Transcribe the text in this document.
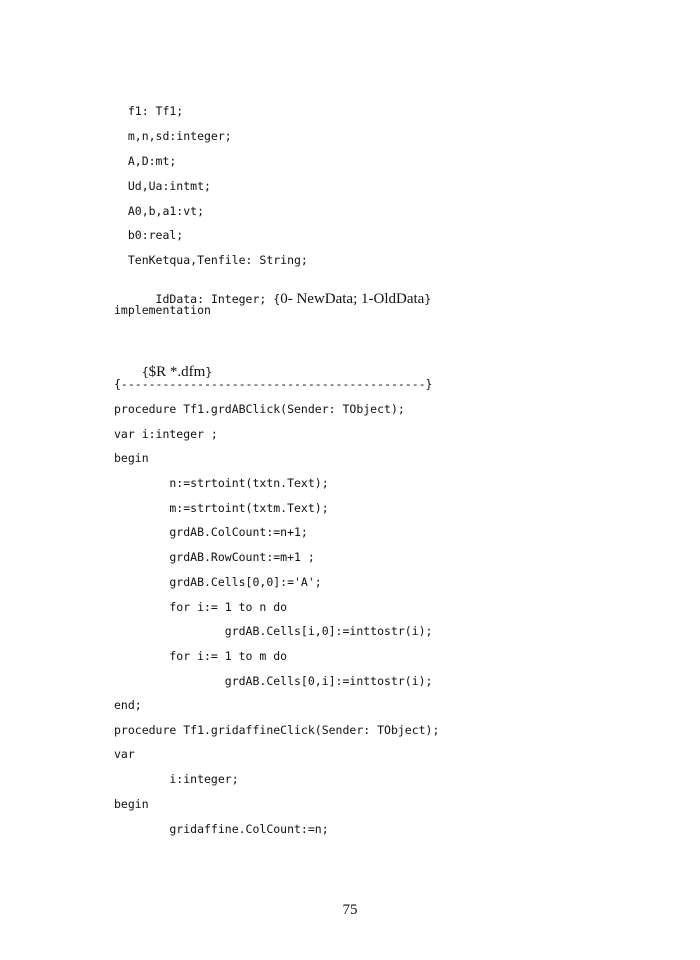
f1: Tf1;
m,n,sd:integer;
A,D:mt;
Ud,Ua:intmt;
A0,b,a1:vt;
b0:real;
TenKetqua,Tenfile: String;

IdData: Integer; {0- NewData; 1-OldData}

implementation

{$R *.dfm}

{--------------------------------------------}
procedure Tf1.grdABClick(Sender: TObject);
var i:integer ;
begin
n:=strtoint(txtn.Text);
m:=strtoint(txtm.Text);
grdAB.ColCount:=n+1;
grdAB.RowCount:=m+1 ;
grdAB.Cells[0,0]:='A';
for i:= 1 to n do
grdAB.Cells[i,0]:=inttostr(i);
for i:= 1 to m do
grdAB.Cells[0,i]:=inttostr(i);
end;
procedure Tf1.gridaffineClick(Sender: TObject);
var
i:integer;
begin
gridaffine.ColCount:=n;
75
